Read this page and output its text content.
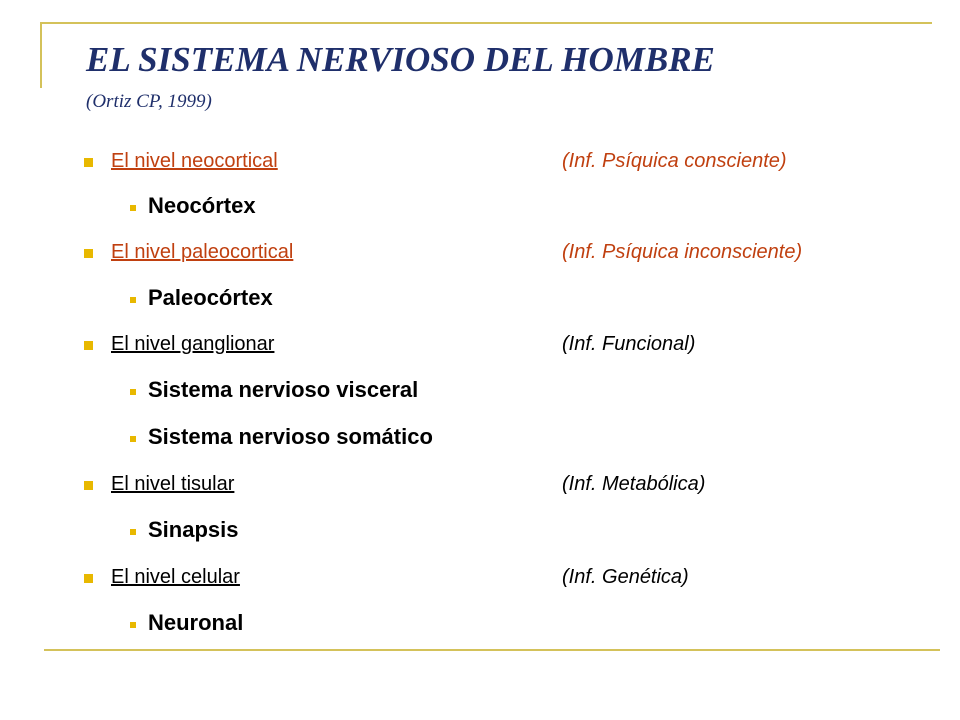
EL SISTEMA NERVIOSO DEL HOMBRE

(Ortiz CP, 1999)

El nivel neocortical	(Inf. Psíquica consciente)
Neocórtex
El nivel paleocortical	(Inf. Psíquica inconsciente)
Paleocórtex
El nivel ganglionar	(Inf. Funcional)
Sistema nervioso visceral
Sistema nervioso somático
El nivel tisular	(Inf. Metabólica)
Sinapsis
El nivel celular	(Inf. Genética)
Neuronal
